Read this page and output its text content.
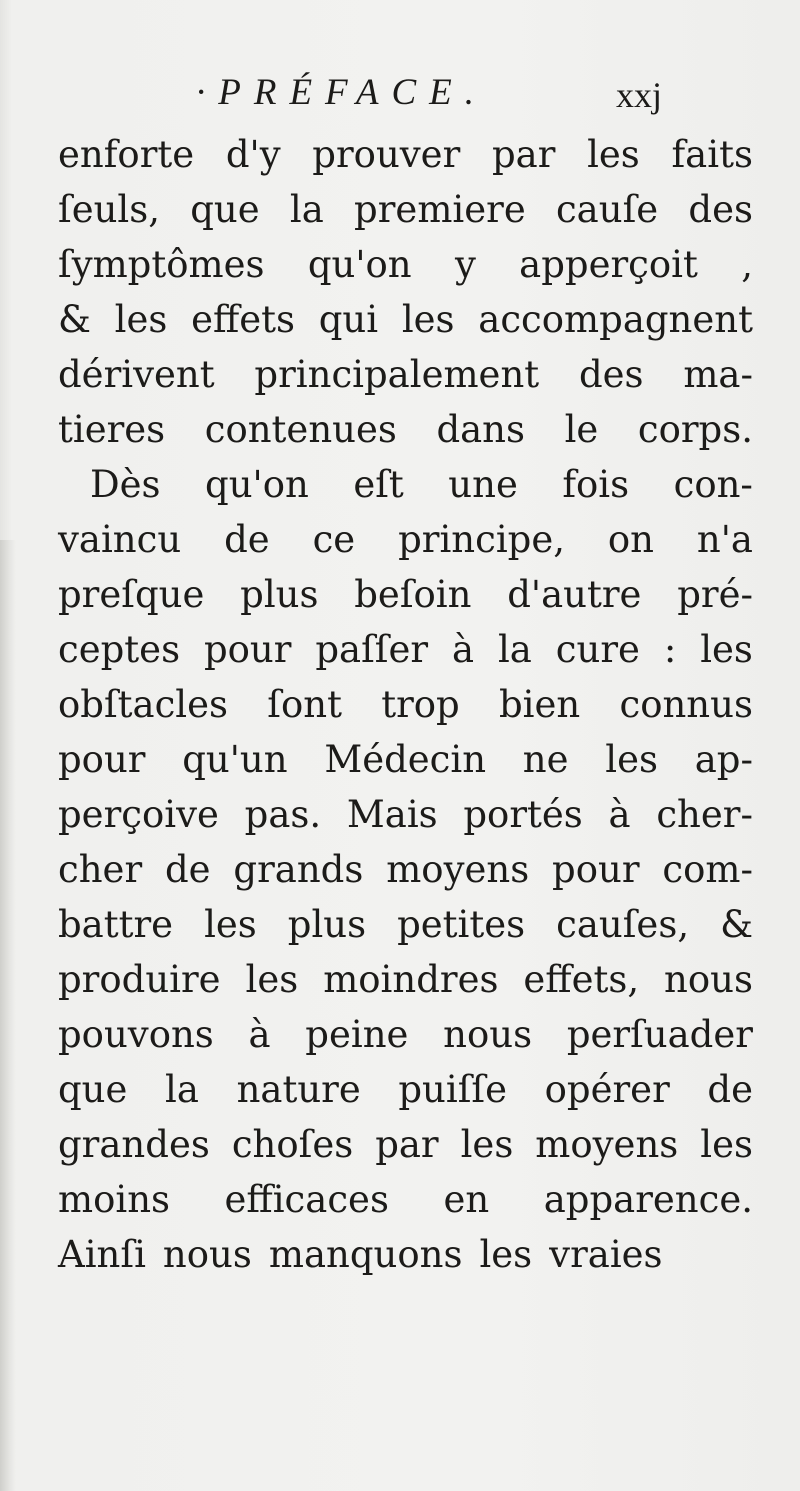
·PRÉFACE.	xxj
enforte d'y prouver par les faits
ſeuls, que la premiere cauſe des
ſymptômes qu'on y apperçoit ,
& les effets qui les accompagnent
dérivent principalement des ma-
tieres contenues dans le corps.
Dès qu'on eſt une fois con-
vaincu de ce principe, on n'a
preſque plus beſoin d'autre pré-
ceptes pour paſſer à la cure : les
obſtacles ſont trop bien connus
pour qu'un Médecin ne les ap-
perçoive pas. Mais portés à cher-
cher de grands moyens pour com-
battre les plus petites cauſes, &
produire les moindres effets, nous
pouvons à peine nous perſuader
que la nature puiſſe opérer de
grandes choſes par les moyens les
moins efficaces en apparence.
Ainſi nous manquons les vraies
